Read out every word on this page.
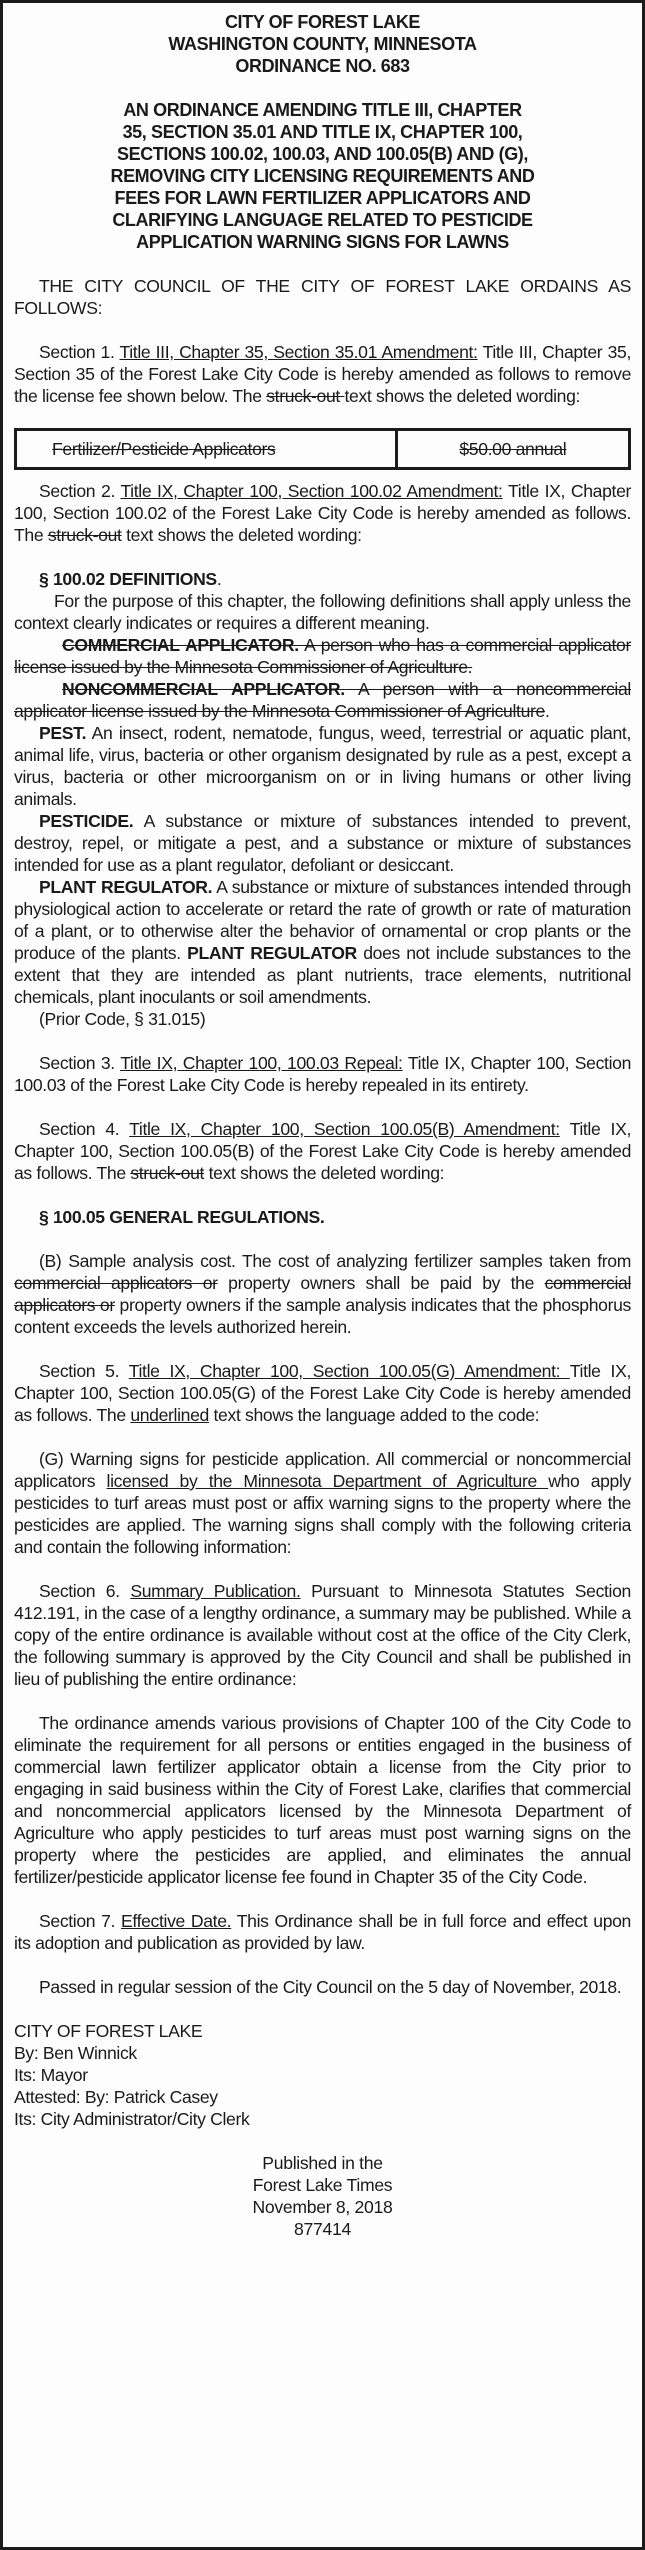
CITY OF FOREST LAKE
WASHINGTON COUNTY, MINNESOTA
ORDINANCE NO. 683
AN ORDINANCE AMENDING TITLE III, CHAPTER
35, SECTION 35.01 AND TITLE IX, CHAPTER 100,
SECTIONS 100.02, 100.03, AND 100.05(B) AND (G),
REMOVING CITY LICENSING REQUIREMENTS AND
FEES FOR LAWN FERTILIZER APPLICATORS AND
CLARIFYING LANGUAGE RELATED TO PESTICIDE
APPLICATION WARNING SIGNS FOR LAWNS

THE CITY COUNCIL OF THE CITY OF FOREST LAKE ORDAINS AS FOLLOWS:

Section 1. Title III, Chapter 35, Section 35.01 Amendment: Title III, Chapter 35, Section 35 of the Forest Lake City Code is hereby amended as follows to remove the license fee shown below. The struck-out text shows the deleted wording:

Fertilizer/Pesticide Applicators	$50.00 annual

Section 2. Title IX, Chapter 100, Section 100.02 Amendment: Title IX, Chapter 100, Section 100.02 of the Forest Lake City Code is hereby amended as follows. The struck-out text shows the deleted wording:

§ 100.02 DEFINITIONS.

For the purpose of this chapter, the following definitions shall apply unless the context clearly indicates or requires a different meaning.

COMMERCIAL APPLICATOR. A person who has a commercial applicator license issued by the Minnesota Commissioner of Agriculture.

NONCOMMERCIAL APPLICATOR. A person with a noncommercial applicator license issued by the Minnesota Commissioner of Agriculture.

PEST. An insect, rodent, nematode, fungus, weed, terrestrial or aquatic plant, animal life, virus, bacteria or other organism designated by rule as a pest, except a virus, bacteria or other microorganism on or in living humans or other living animals.

PESTICIDE. A substance or mixture of substances intended to prevent, destroy, repel, or mitigate a pest, and a substance or mixture of substances intended for use as a plant regulator, defoliant or desiccant.

PLANT REGULATOR. A substance or mixture of substances intended through physiological action to accelerate or retard the rate of growth or rate of maturation of a plant, or to otherwise alter the behavior of ornamental or crop plants or the produce of the plants. PLANT REGULATOR does not include substances to the extent that they are intended as plant nutrients, trace elements, nutritional chemicals, plant inoculants or soil amendments.

(Prior Code, § 31.015)

Section 3. Title IX, Chapter 100, 100.03 Repeal: Title IX, Chapter 100, Section 100.03 of the Forest Lake City Code is hereby repealed in its entirety.

Section 4. Title IX, Chapter 100, Section 100.05(B) Amendment: Title IX, Chapter 100, Section 100.05(B) of the Forest Lake City Code is hereby amended as follows. The struck-out text shows the deleted wording:

§ 100.05 GENERAL REGULATIONS.

(B) Sample analysis cost. The cost of analyzing fertilizer samples taken from commercial applicators or property owners shall be paid by the commercial applicators or property owners if the sample analysis indicates that the phosphorus content exceeds the levels authorized herein.

Section 5. Title IX, Chapter 100, Section 100.05(G) Amendment: Title IX, Chapter 100, Section 100.05(G) of the Forest Lake City Code is hereby amended as follows. The underlined text shows the language added to the code:

(G) Warning signs for pesticide application. All commercial or noncommercial applicators licensed by the Minnesota Department of Agriculture who apply pesticides to turf areas must post or affix warning signs to the property where the pesticides are applied. The warning signs shall comply with the following criteria and contain the following information:

Section 6. Summary Publication. Pursuant to Minnesota Statutes Section 412.191, in the case of a lengthy ordinance, a summary may be published. While a copy of the entire ordinance is available without cost at the office of the City Clerk, the following summary is approved by the City Council and shall be published in lieu of publishing the entire ordinance:

The ordinance amends various provisions of Chapter 100 of the City Code to eliminate the requirement for all persons or entities engaged in the business of commercial lawn fertilizer applicator obtain a license from the City prior to engaging in said business within the City of Forest Lake, clarifies that commercial and noncommercial applicators licensed by the Minnesota Department of Agriculture who apply pesticides to turf areas must post warning signs on the property where the pesticides are applied, and eliminates the annual fertilizer/pesticide applicator license fee found in Chapter 35 of the City Code.

Section 7. Effective Date. This Ordinance shall be in full force and effect upon its adoption and publication as provided by law.

Passed in regular session of the City Council on the 5 day of November, 2018.

CITY OF FOREST LAKE

By: Ben Winnick

Its: Mayor

Attested: By: Patrick Casey

Its: City Administrator/City Clerk

Published in the
Forest Lake Times
November 8, 2018
877414
